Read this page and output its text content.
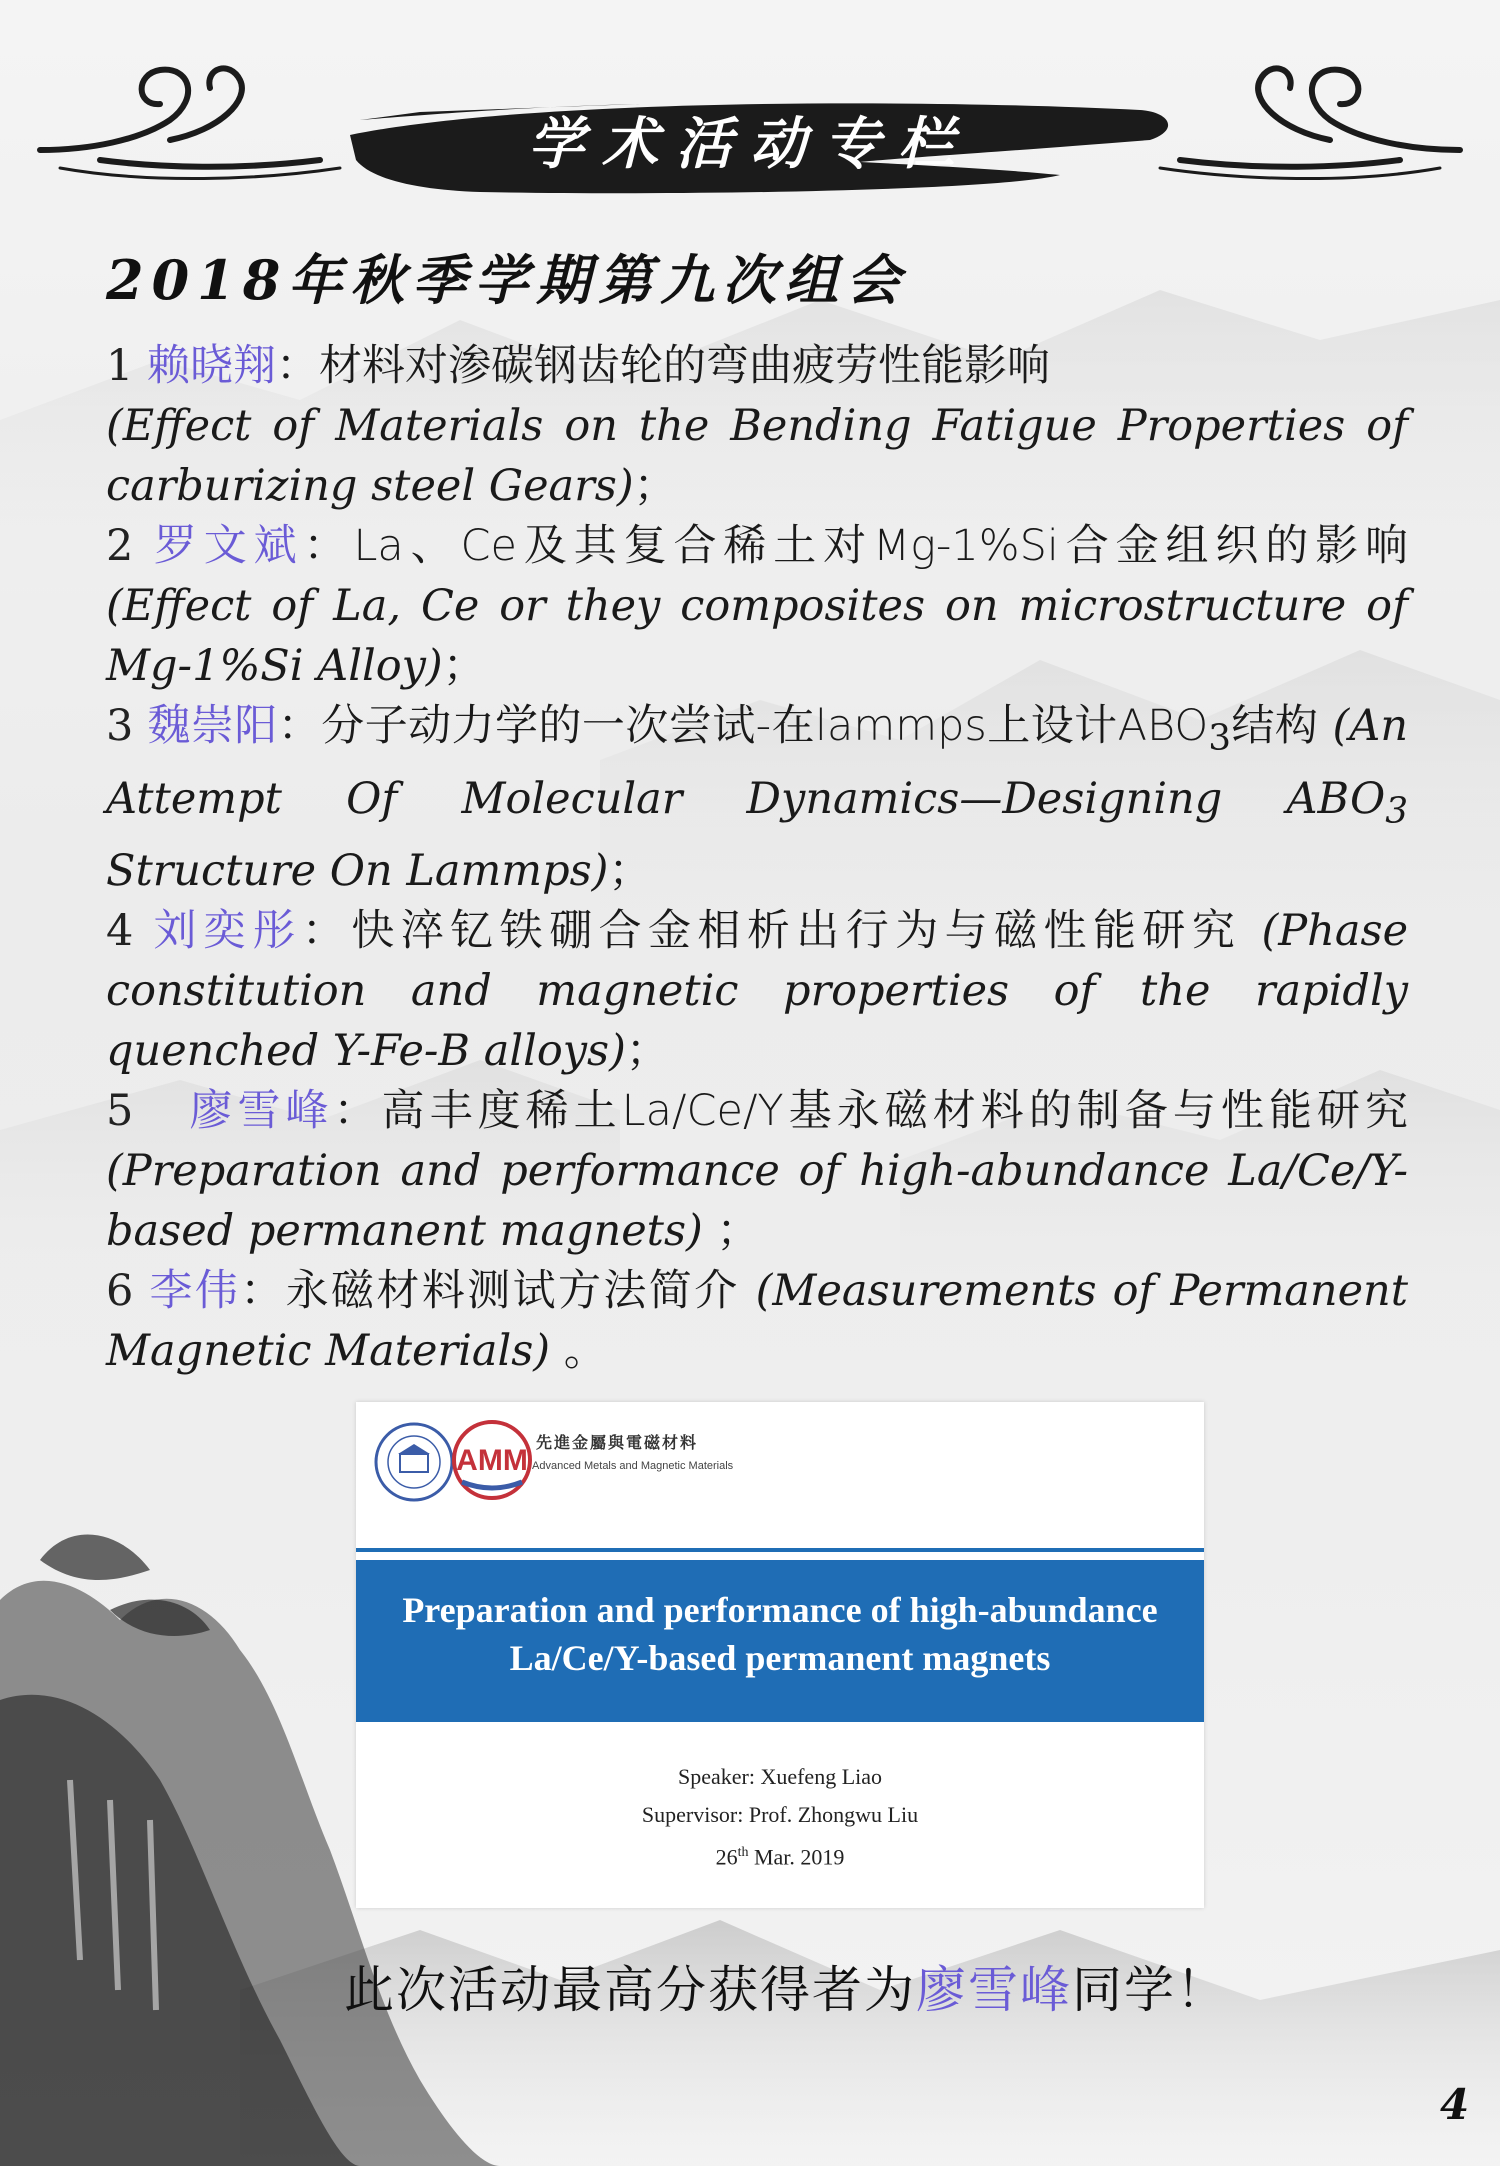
学术活动专栏
2018年秋季学期第九次组会
1 赖晓翔：材料对渗碳钢齿轮的弯曲疲劳性能影响
(Effect of Materials on the Bending Fatigue Properties of carburizing steel Gears)；
2 罗文斌：La、Ce及其复合稀土对Mg-1%Si合金组织的影响 (Effect of La, Ce or they composites on microstructure of Mg-1%Si Alloy)；
3 魏崇阳：分子动力学的一次尝试-在lammps上设计$ABO_3$结构 (An Attempt Of Molecular Dynamics—Designing $ABO_3$ Structure On Lammps)；
4 刘奕彤：快淬钇铁硼合金相析出行为与磁性能研究 (Phase constitution and magnetic properties of the rapidly quenched Y-Fe-B alloys)；
5 廖雪峰：高丰度稀土La/Ce/Y基永磁材料的制备与性能研究 (Preparation and performance of high-abundance La/Ce/Y-based permanent magnets) ；
6 李伟：永磁材料测试方法简介 (Measurements of Permanent Magnetic Materials) 。
AMM
先進金屬與電磁材料
Advanced Metals and Magnetic Materials
Preparation and performance of high-abundance
La/Ce/Y-based permanent magnets
Speaker: Xuefeng Liao
Supervisor: Prof. Zhongwu Liu
26th Mar. 2019
此次活动最高分获得者为廖雪峰同学！
4
